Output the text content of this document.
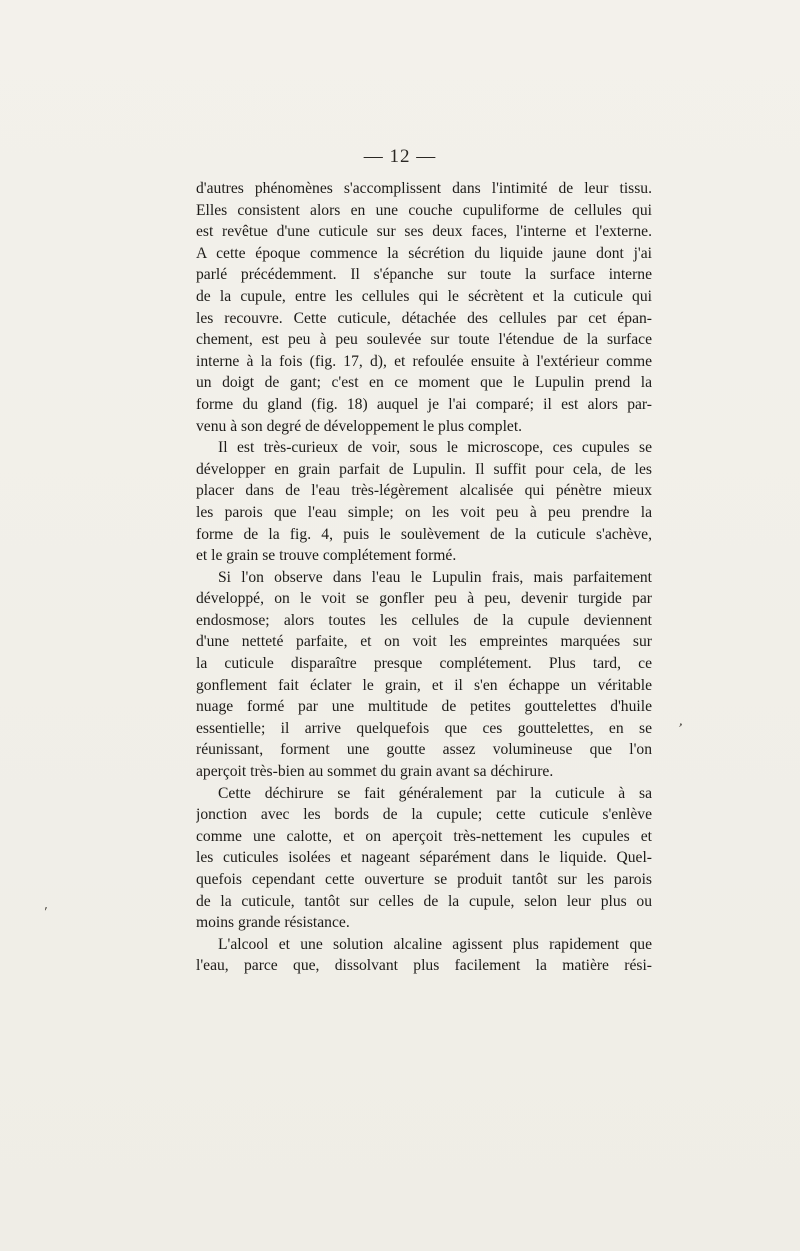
— 12 —
d'autres phénomènes s'accomplissent dans l'intimité de leur tissu.
Elles consistent alors en une couche cupuliforme de cellules qui
est revêtue d'une cuticule sur ses deux faces, l'interne et l'externe.
A cette époque commence la sécrétion du liquide jaune dont j'ai
parlé précédemment. Il s'épanche sur toute la surface interne
de la cupule, entre les cellules qui le sécrètent et la cuticule qui
les recouvre. Cette cuticule, détachée des cellules par cet épan-
chement, est peu à peu soulevée sur toute l'étendue de la surface
interne à la fois (fig. 17, d), et refoulée ensuite à l'extérieur comme
un doigt de gant; c'est en ce moment que le Lupulin prend la
forme du gland (fig. 18) auquel je l'ai comparé; il est alors par-
venu à son degré de développement le plus complet.
Il est très-curieux de voir, sous le microscope, ces cupules se
développer en grain parfait de Lupulin. Il suffit pour cela, de les
placer dans de l'eau très-légèrement alcalisée qui pénètre mieux
les parois que l'eau simple; on les voit peu à peu prendre la
forme de la fig. 4, puis le soulèvement de la cuticule s'achève,
et le grain se trouve complétement formé.
Si l'on observe dans l'eau le Lupulin frais, mais parfaitement
développé, on le voit se gonfler peu à peu, devenir turgide par
endosmose; alors toutes les cellules de la cupule deviennent
d'une netteté parfaite, et on voit les empreintes marquées sur
la cuticule disparaître presque complétement. Plus tard, ce
gonflement fait éclater le grain, et il s'en échappe un véritable
nuage formé par une multitude de petites gouttelettes d'huile
essentielle; il arrive quelquefois que ces gouttelettes, en se
réunissant, forment une goutte assez volumineuse que l'on
aperçoit très-bien au sommet du grain avant sa déchirure.
Cette déchirure se fait généralement par la cuticule à sa
jonction avec les bords de la cupule; cette cuticule s'enlève
comme une calotte, et on aperçoit très-nettement les cupules et
les cuticules isolées et nageant séparément dans le liquide. Quel-
quefois cependant cette ouverture se produit tantôt sur les parois
de la cuticule, tantôt sur celles de la cupule, selon leur plus ou
moins grande résistance.
L'alcool et une solution alcaline agissent plus rapidement que
l'eau, parce que, dissolvant plus facilement la matière rési-
'
,
